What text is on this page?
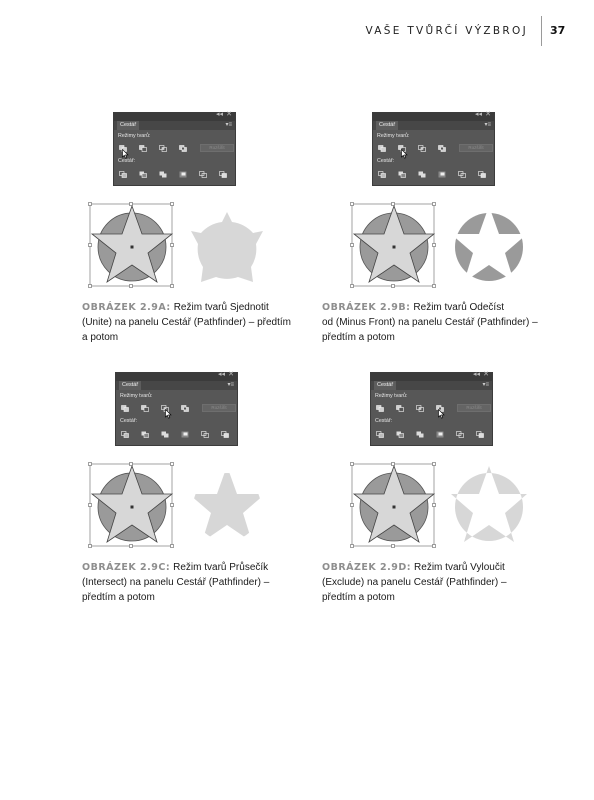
VAŠE TVŮRČÍ VÝZBROJ 37
◂◂ ✕
Cestář	▾≡
Režimy tvarů:
Rozšířit
Cestář:
OBRÁZEK 2.9A: Režim tvarů Sjednotit
(Unite) na panelu Cestář (Pathfinder) – předtím
a potom
◂◂ ✕
Cestář	▾≡
Režimy tvarů:
Rozšířit
Cestář:
OBRÁZEK 2.9B: Režim tvarů Odečíst
od (Minus Front) na panelu Cestář (Pathfinder) –
předtím a potom
◂◂ ✕
Cestář	▾≡
Režimy tvarů:
Rozšířit
Cestář:
OBRÁZEK 2.9C: Režim tvarů Průsečík
(Intersect) na panelu Cestář (Pathfinder) –
předtím a potom
◂◂ ✕
Cestář	▾≡
Režimy tvarů:
Rozšířit
Cestář:
OBRÁZEK 2.9D: Režim tvarů Vyloučit
(Exclude) na panelu Cestář (Pathfinder) –
předtím a potom
